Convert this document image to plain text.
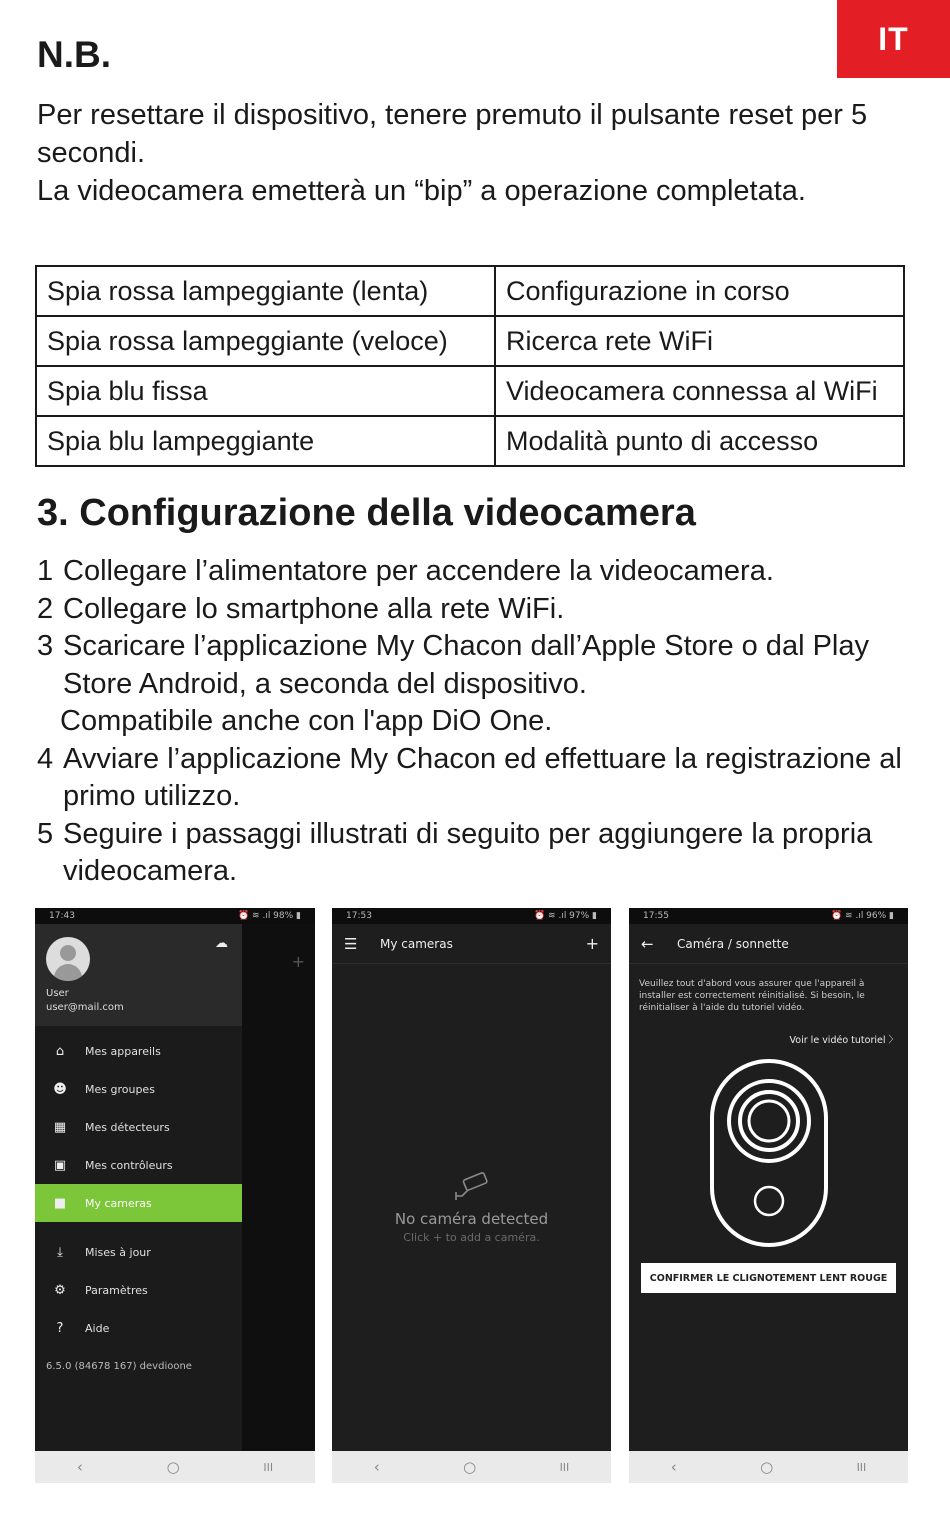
IT
N.B.
Per resettare il dispositivo, tenere premuto il pulsante reset per 5 secondi.
La videocamera emetterà un “bip” a operazione completata.
Spia rossa lampeggiante (lenta)	Configurazione in corso
Spia rossa lampeggiante (veloce)	Ricerca rete WiFi
Spia blu fissa	Videocamera connessa al WiFi
Spia blu lampeggiante	Modalità punto di accesso
3. Configurazione della videocamera
1 Collegare l’alimentatore per accendere la videocamera.
2 Collegare lo smartphone alla rete WiFi.
3 Scaricare l’applicazione My Chacon dall’Apple Store o dal Play Store Android, a seconda del dispositivo.
Compatibile anche con l'app DiO One.
4 Avviare l’applicazione My Chacon ed effettuare la registrazione al primo utilizzo.
5 Seguire i passaggi illustrati di seguito per aggiungere la propria videocamera.
17:43	⏰ ≋ .ıl 98% ▮
+
☁
User
user@mail.com
⌂	Mes appareils
☻	Mes groupes
▦	Mes détecteurs
▣	Mes contrôleurs
■	My cameras
⤓	Mises à jour
⚙	Paramètres
?	Aide
6.5.0 (84678 167) devdioone
‹	○	III
17:53	⏰ ≋ .ıl 97% ▮
☰	My cameras	+
No caméra detected
Click + to add a caméra.
‹	○	III
17:55	⏰ ≋ .ıl 96% ▮
←	Caméra / sonnette
Veuillez tout d'abord vous assurer que l'appareil à installer est correctement réinitialisé. Si besoin, le réinitialiser à l'aide du tutoriel vidéo.
Voir le vidéo tutoriel 〉
CONFIRMER LE CLIGNOTEMENT LENT ROUGE
‹	○	III
